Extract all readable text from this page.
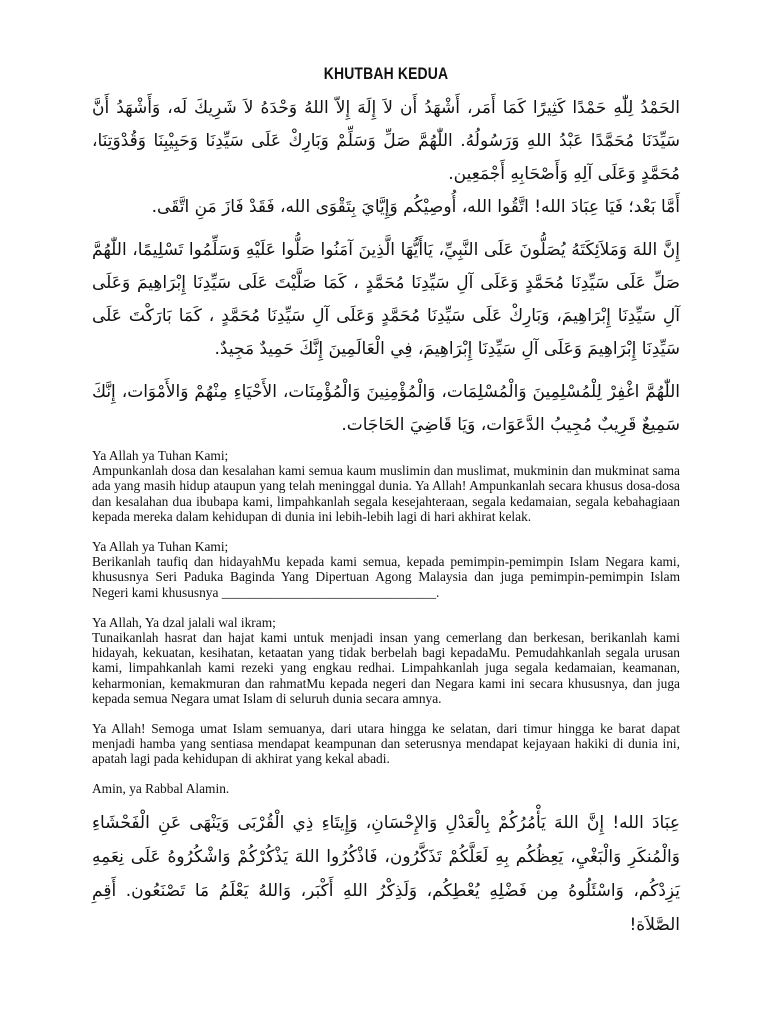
KHUTBAH KEDUA

الحَمْدُ لِلّٰهِ حَمْدًا كَثِيرًا كَمَا أَمَر، أَشْهَدُ أَن لاَ إِلَهَ إِلاّ اللهُ وَحْدَهُ لاَ شَرِيكَ لَه، وَأَشْهَدُ أَنَّ سَيِّدَنَا مُحَمَّدًا عَبْدُ اللهِ وَرَسُولُهُ. اللّٰهُمَّ صَلِّ وَسَلِّمْ وَبَارِكْ عَلَى سَيِّدِنَا وَحَبِيْبِنَا وَقُدْوَتِنَا، مُحَمَّدٍ وَعَلَى آلِهِ وَأَصْحَابِهِ أَجْمَعِين.

أَمَّا بَعْد؛ فَيَا عِبَادَ الله! اتَّقُوا الله، أُوصِيْكُم وَإِيَّايَ بِتَقْوَى الله، فَقَدْ فَازَ مَنِ اتَّقَى.

إِنَّ اللهَ وَمَلاَئِكَتَهُ يُصَلُّونَ عَلَى النَّبِيِّ، يَاأَيُّهَا الَّذِينَ آمَنُوا صَلُّوا عَلَيْهِ وَسَلِّمُوا تَسْلِيمًا، اللّٰهُمَّ صَلِّ عَلَى سَيِّدِنَا مُحَمَّدٍ وَعَلَى آلِ سَيِّدِنَا مُحَمَّدٍ ، كَمَا صَلَّيْتَ عَلَى سَيِّدِنَا إِبْرَاهِيمَ وَعَلَى آلِ سَيِّدِنَا إِبْرَاهِيمَ، وَبَارِكْ عَلَى سَيِّدِنَا مُحَمَّدٍ وَعَلَى آلِ سَيِّدِنَا مُحَمَّدٍ ، كَمَا بَارَكْتَ عَلَى سَيِّدِنَا إِبْرَاهِيمَ وَعَلَى آلِ سَيِّدِنَا إِبْرَاهِيمَ، فِي الْعَالَمِينَ إِنَّكَ حَمِيدٌ مَجِيدٌ.

اللّٰهُمَّ اغْفِرْ لِلْمُسْلِمِينَ وَالْمُسْلِمَات، وَالْمُؤْمِنِينَ وَالْمُؤْمِنَات، الأَحْيَاءِ مِنْهُمْ وَالأَمْوَات، إِنَّكَ سَمِيعٌ قَرِيبٌ مُجِيبُ الدَّعَوَات، وَيَا قَاضِيَ الحَاجَات.

Ya Allah ya Tuhan Kami;

Ampunkanlah dosa dan kesalahan kami semua kaum muslimin dan muslimat, mukminin dan mukminat sama ada yang masih hidup ataupun yang telah meninggal dunia. Ya Allah! Ampunkanlah secara khusus dosa-dosa dan kesalahan dua ibubapa kami, limpahkanlah segala kesejahteraan, segala kedamaian, segala kebahagiaan kepada mereka dalam kehidupan di dunia ini lebih-lebih lagi di hari akhirat kelak.

Ya Allah ya Tuhan Kami;

Berikanlah taufiq dan hidayahMu kepada kami semua, kepada pemimpin-pemimpin Islam Negara kami, khususnya Seri Paduka Baginda Yang Dipertuan Agong Malaysia dan juga pemimpin-pemimpin Islam Negeri kami khususnya ________________________________.

Ya Allah, Ya dzal jalali wal ikram;

Tunaikanlah hasrat dan hajat kami untuk menjadi insan yang cemerlang dan berkesan, berikanlah kami hidayah, kekuatan, kesihatan, ketaatan yang tidak berbelah bagi kepadaMu. Pemudahkanlah segala urusan kami, limpahkanlah kami rezeki yang engkau redhai. Limpahkanlah juga segala kedamaian, keamanan, keharmonian, kemakmuran dan rahmatMu kepada negeri dan Negara kami ini secara khususnya, dan juga kepada semua Negara umat Islam di seluruh dunia secara amnya.

Ya Allah! Semoga umat Islam semuanya, dari utara hingga ke selatan, dari timur hingga ke barat dapat menjadi hamba yang sentiasa mendapat keampunan dan seterusnya mendapat kejayaan hakiki di dunia ini, apatah lagi pada kehidupan di akhirat yang kekal abadi.

Amin, ya Rabbal Alamin.

عِبَادَ الله! إِنَّ اللهَ يَأْمُرُكُمْ بِالْعَدْلِ وَالإِحْسَانِ، وَإِيتَاءِ ذِي الْقُرْبَى وَيَنْهَى عَنِ الْفَحْشَاءِ وَالْمُنكَرِ وَالْبَغْيِ، يَعِظُكُم بِهِ لَعَلَّكُمْ تَذَكَّرُون، فَاذْكُرُوا اللهَ يَذْكُرْكُمْ وَاشْكُرُوهُ عَلَى نِعَمِهِ يَزِدْكُم، وَاسْئَلُوهُ مِن فَضْلِهِ يُعْطِكُم، وَلَذِكْرُ اللهِ أَكْبَر، وَاللهُ يَعْلَمُ مَا تَصْنَعُون. أَقِمِ الصَّلاَة!
